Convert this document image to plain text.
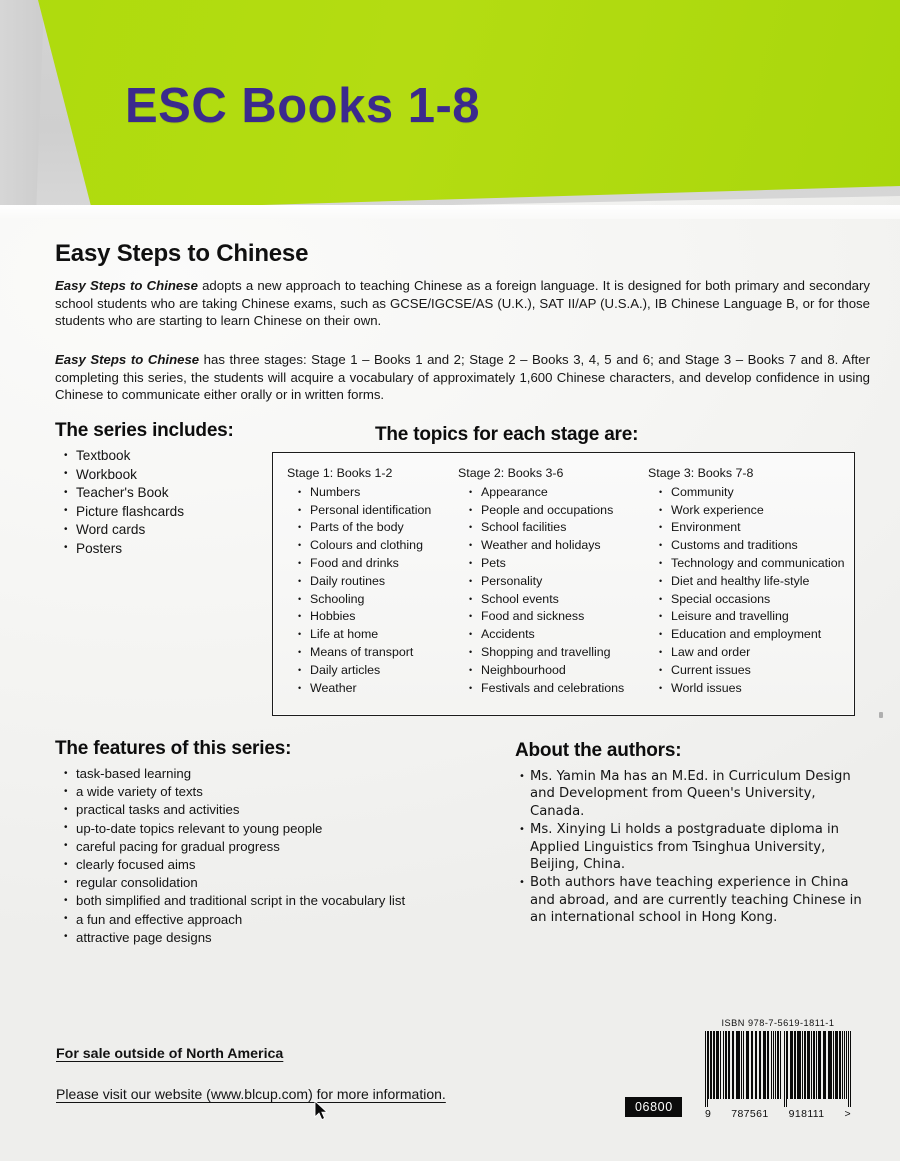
ESC Books 1-8
Easy Steps to Chinese

Easy Steps to Chinese adopts a new approach to teaching Chinese as a foreign language. It is designed for both primary and secondary school students who are taking Chinese exams, such as GCSE/IGCSE/AS (U.K.), SAT II/AP (U.S.A.), IB Chinese Language B, or for those students who are starting to learn Chinese on their own.

Easy Steps to Chinese has three stages: Stage 1 – Books 1 and 2; Stage 2 – Books 3, 4, 5 and 6; and Stage 3 – Books 7 and 8. After completing this series, the students will acquire a vocabulary of approximately 1,600 Chinese characters, and develop confidence in using Chinese to communicate either orally or in written forms.

The series includes:
• Textbook
• Workbook
• Teacher's Book
• Picture flashcards
• Word cards
• Posters
The topics for each stage are:
Stage 1: Books 1-2
• Numbers
• Personal identification
• Parts of the body
• Colours and clothing
• Food and drinks
• Daily routines
• Schooling
• Hobbies
• Life at home
• Means of transport
• Daily articles
• Weather
Stage 2: Books 3-6
• Appearance
• People and occupations
• School facilities
• Weather and holidays
• Pets
• Personality
• School events
• Food and sickness
• Accidents
• Shopping and travelling
• Neighbourhood
• Festivals and celebrations
Stage 3: Books 7-8
• Community
• Work experience
• Environment
• Customs and traditions
• Technology and communication
• Diet and healthy life-style
• Special occasions
• Leisure and travelling
• Education and employment
• Law and order
• Current issues
• World issues
The features of this series:
• task-based learning
• a wide variety of texts
• practical tasks and activities
• up-to-date topics relevant to young people
• careful pacing for gradual progress
• clearly focused aims
• regular consolidation
• both simplified and traditional script in the vocabulary list
• a fun and effective approach
• attractive page designs
About the authors:
• Ms. Yamin Ma has an M.Ed. in Curriculum Design and Development from Queen's University, Canada.
• Ms. Xinying Li holds a postgraduate diploma in Applied Linguistics from Tsinghua University, Beijing, China.
• Both authors have teaching experience in China and abroad, and are currently teaching Chinese in an international school in Hong Kong.
For sale outside of North America
Please visit our website (www.blcup.com) for more information.
06800
ISBN 978-7-5619-1811-1
9 787561 918111 >
